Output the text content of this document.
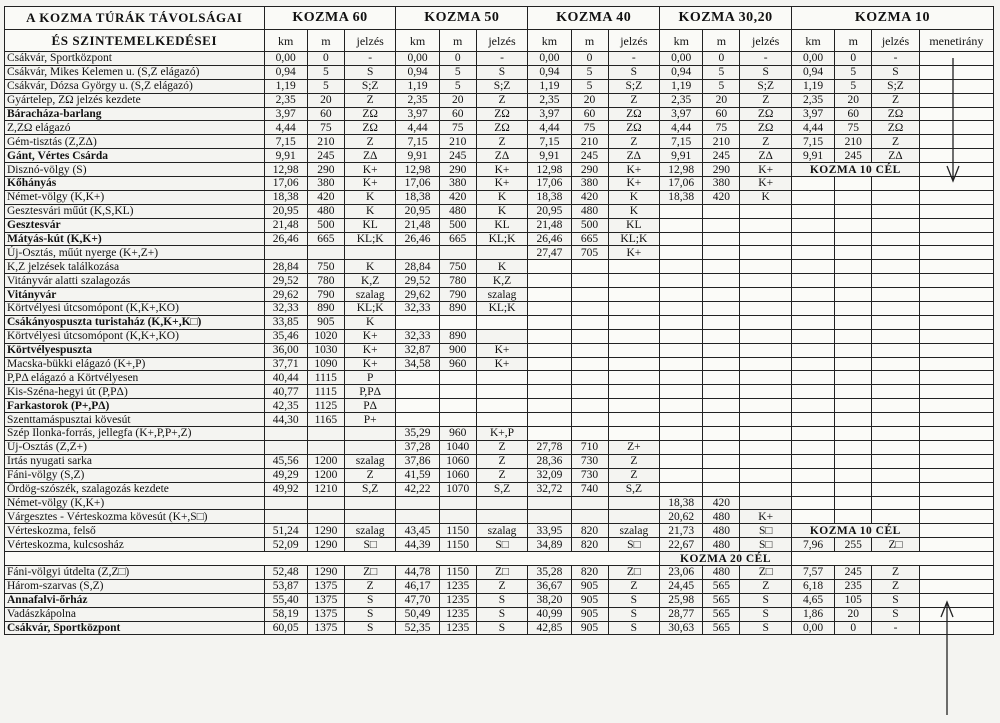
A KOZMA TÚRÁK TÁVOLSÁGAI	KOZMA 60			KOZMA 50			KOZMA 40			KOZMA 30,20			KOZMA 10			
ÉS SZINTEMELKEDÉSEI	km	m	jelzés	km	m	jelzés	km	m	jelzés	km	m	jelzés	km	m	jelzés	menetirány
Csákvár, Sportközpont	0,00	0	-	0,00	0	-	0,00	0	-	0,00	0	-	0,00	0	-	
Csákvár, Mikes Kelemen u. (S,Z elágazó)	0,94	5	S	0,94	5	S	0,94	5	S	0,94	5	S	0,94	5	S	
Csákvár, Dózsa György u. (S,Z elágazó)	1,19	5	S;Z	1,19	5	S;Z	1,19	5	S;Z	1,19	5	S;Z	1,19	5	S;Z	
Gyártelep, ZΩ jelzés kezdete	2,35	20	Z	2,35	20	Z	2,35	20	Z	2,35	20	Z	2,35	20	Z	
Báracháza-barlang	3,97	60	ZΩ	3,97	60	ZΩ	3,97	60	ZΩ	3,97	60	ZΩ	3,97	60	ZΩ	
Z,ZΩ elágazó	4,44	75	ZΩ	4,44	75	ZΩ	4,44	75	ZΩ	4,44	75	ZΩ	4,44	75	ZΩ	
Gém-tisztás (Z,ZΔ)	7,15	210	Z	7,15	210	Z	7,15	210	Z	7,15	210	Z	7,15	210	Z	
Gánt, Vértes Csárda	9,91	245	ZΔ	9,91	245	ZΔ	9,91	245	ZΔ	9,91	245	ZΔ	9,91	245	ZΔ	
Disznó-völgy (S)	12,98	290	K+	12,98	290	K+	12,98	290	K+	12,98	290	K+	KOZMA 10 CÉL			
Kőhányás	17,06	380	K+	17,06	380	K+	17,06	380	K+	17,06	380	K+				
Német-völgy (K,K+)	18,38	420	K	18,38	420	K	18,38	420	K	18,38	420	K				
Gesztesvári műút (K,S,KL)	20,95	480	K	20,95	480	K	20,95	480	K							
Gesztesvár	21,48	500	KL	21,48	500	KL	21,48	500	KL							
Mátyás-kút (K,K+)	26,46	665	KL;K	26,46	665	KL;K	26,46	665	KL;K							
Új-Osztás, műút nyerge (K+,Z+)							27,47	705	K+							
K,Z jelzések találkozása	28,84	750	K	28,84	750	K										
Vitányvár alatti szalagozás	29,52	780	K,Z	29,52	780	K,Z										
Vitányvár	29,62	790	szalag	29,62	790	szalag										
Körtvélyesi útcsomópont (K,K+,KO)	32,33	890	KL;K	32,33	890	KL;K										
Csákányospuszta turistaház (K,K+,K□)	33,85	905	K													
Körtvélyesi útcsomópont (K,K+,KO)	35,46	1020	K+	32,33	890											
Körtvélyespuszta	36,00	1030	K+	32,87	900	K+										
Macska-bükki elágazó (K+,P)	37,71	1090	K+	34,58	960	K+										
P,PΔ elágazó a Körtvélyesen	40,44	1115	P													
Kis-Széna-hegyi út (P,PΔ)	40,77	1115	P,PΔ													
Farkastorok (P+,PΔ)	42,35	1125	PΔ													
Szenttamáspusztai kövesút	44,30	1165	P+													
Szép Ilonka-forrás, jellegfa (K+,P,P+,Z)				35,29	960	K+,P										
Új-Osztás (Z,Z+)				37,28	1040	Z	27,78	710	Z+							
Irtás nyugati sarka	45,56	1200	szalag	37,86	1060	Z	28,36	730	Z							
Fáni-völgy (S,Z)	49,29	1200	Z	41,59	1060	Z	32,09	730	Z							
Ördög-szószék, szalagozás kezdete	49,92	1210	S,Z	42,22	1070	S,Z	32,72	740	S,Z							
Német-völgy (K,K+)										18,38	420					
Várgesztes - Vérteskozma kövesút (K+,S□)										20,62	480	K+				
Vérteskozma, felső	51,24	1290	szalag	43,45	1150	szalag	33,95	820	szalag	21,73	480	S□	KOZMA 10 CÉL			
Vérteskozma, kulcsosház	52,09	1290	S□	44,39	1150	S□	34,89	820	S□	22,67	480	S□	7,96	255	Z□	
										KOZMA 20 CÉL						
Fáni-völgyi útdelta (Z,Z□)	52,48	1290	Z□	44,78	1150	Z□	35,28	820	Z□	23,06	480	Z□	7,57	245	Z	
Három-szarvas (S,Z)	53,87	1375	Z	46,17	1235	Z	36,67	905	Z	24,45	565	Z	6,18	235	Z	
Annafalvi-őrház	55,40	1375	S	47,70	1235	S	38,20	905	S	25,98	565	S	4,65	105	S	
Vadászkápolna	58,19	1375	S	50,49	1235	S	40,99	905	S	28,77	565	S	1,86	20	S	
Csákvár, Sportközpont	60,05	1375	S	52,35	1235	S	42,85	905	S	30,63	565	S	0,00	0	-	
